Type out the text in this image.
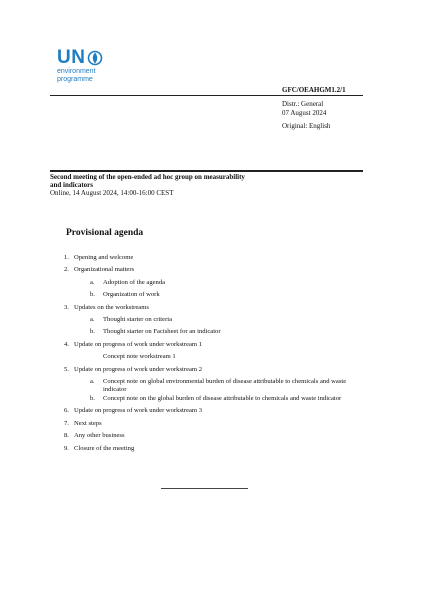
UN
environment
programme
GFC/OEAHGM1.2/1
Distr.: General
07 August 2024
Original: English
Second meeting of the open-ended ad hoc group on measurability
and indicators
Online, 14 August 2024, 14:00-16:00 CEST
Provisional agenda
1. Opening and welcome
2. Organizational matters
a. Adoption of the agenda
b. Organization of work
3. Updates on the workstreams
a. Thought starter on criteria
b. Thought starter on Factsheet for an indicator
4. Update on progress of work under workstream 1
Concept note workstream 1
5. Update on progress of work under workstream 2
a. Concept note on global environmental burden of disease attributable to chemicals and waste
indicator
b. Concept note on the global burden of disease attributable to chemicals and waste indicator
6. Update on progress of work under workstream 3
7. Next steps
8. Any other business
9. Closure of the meeting
